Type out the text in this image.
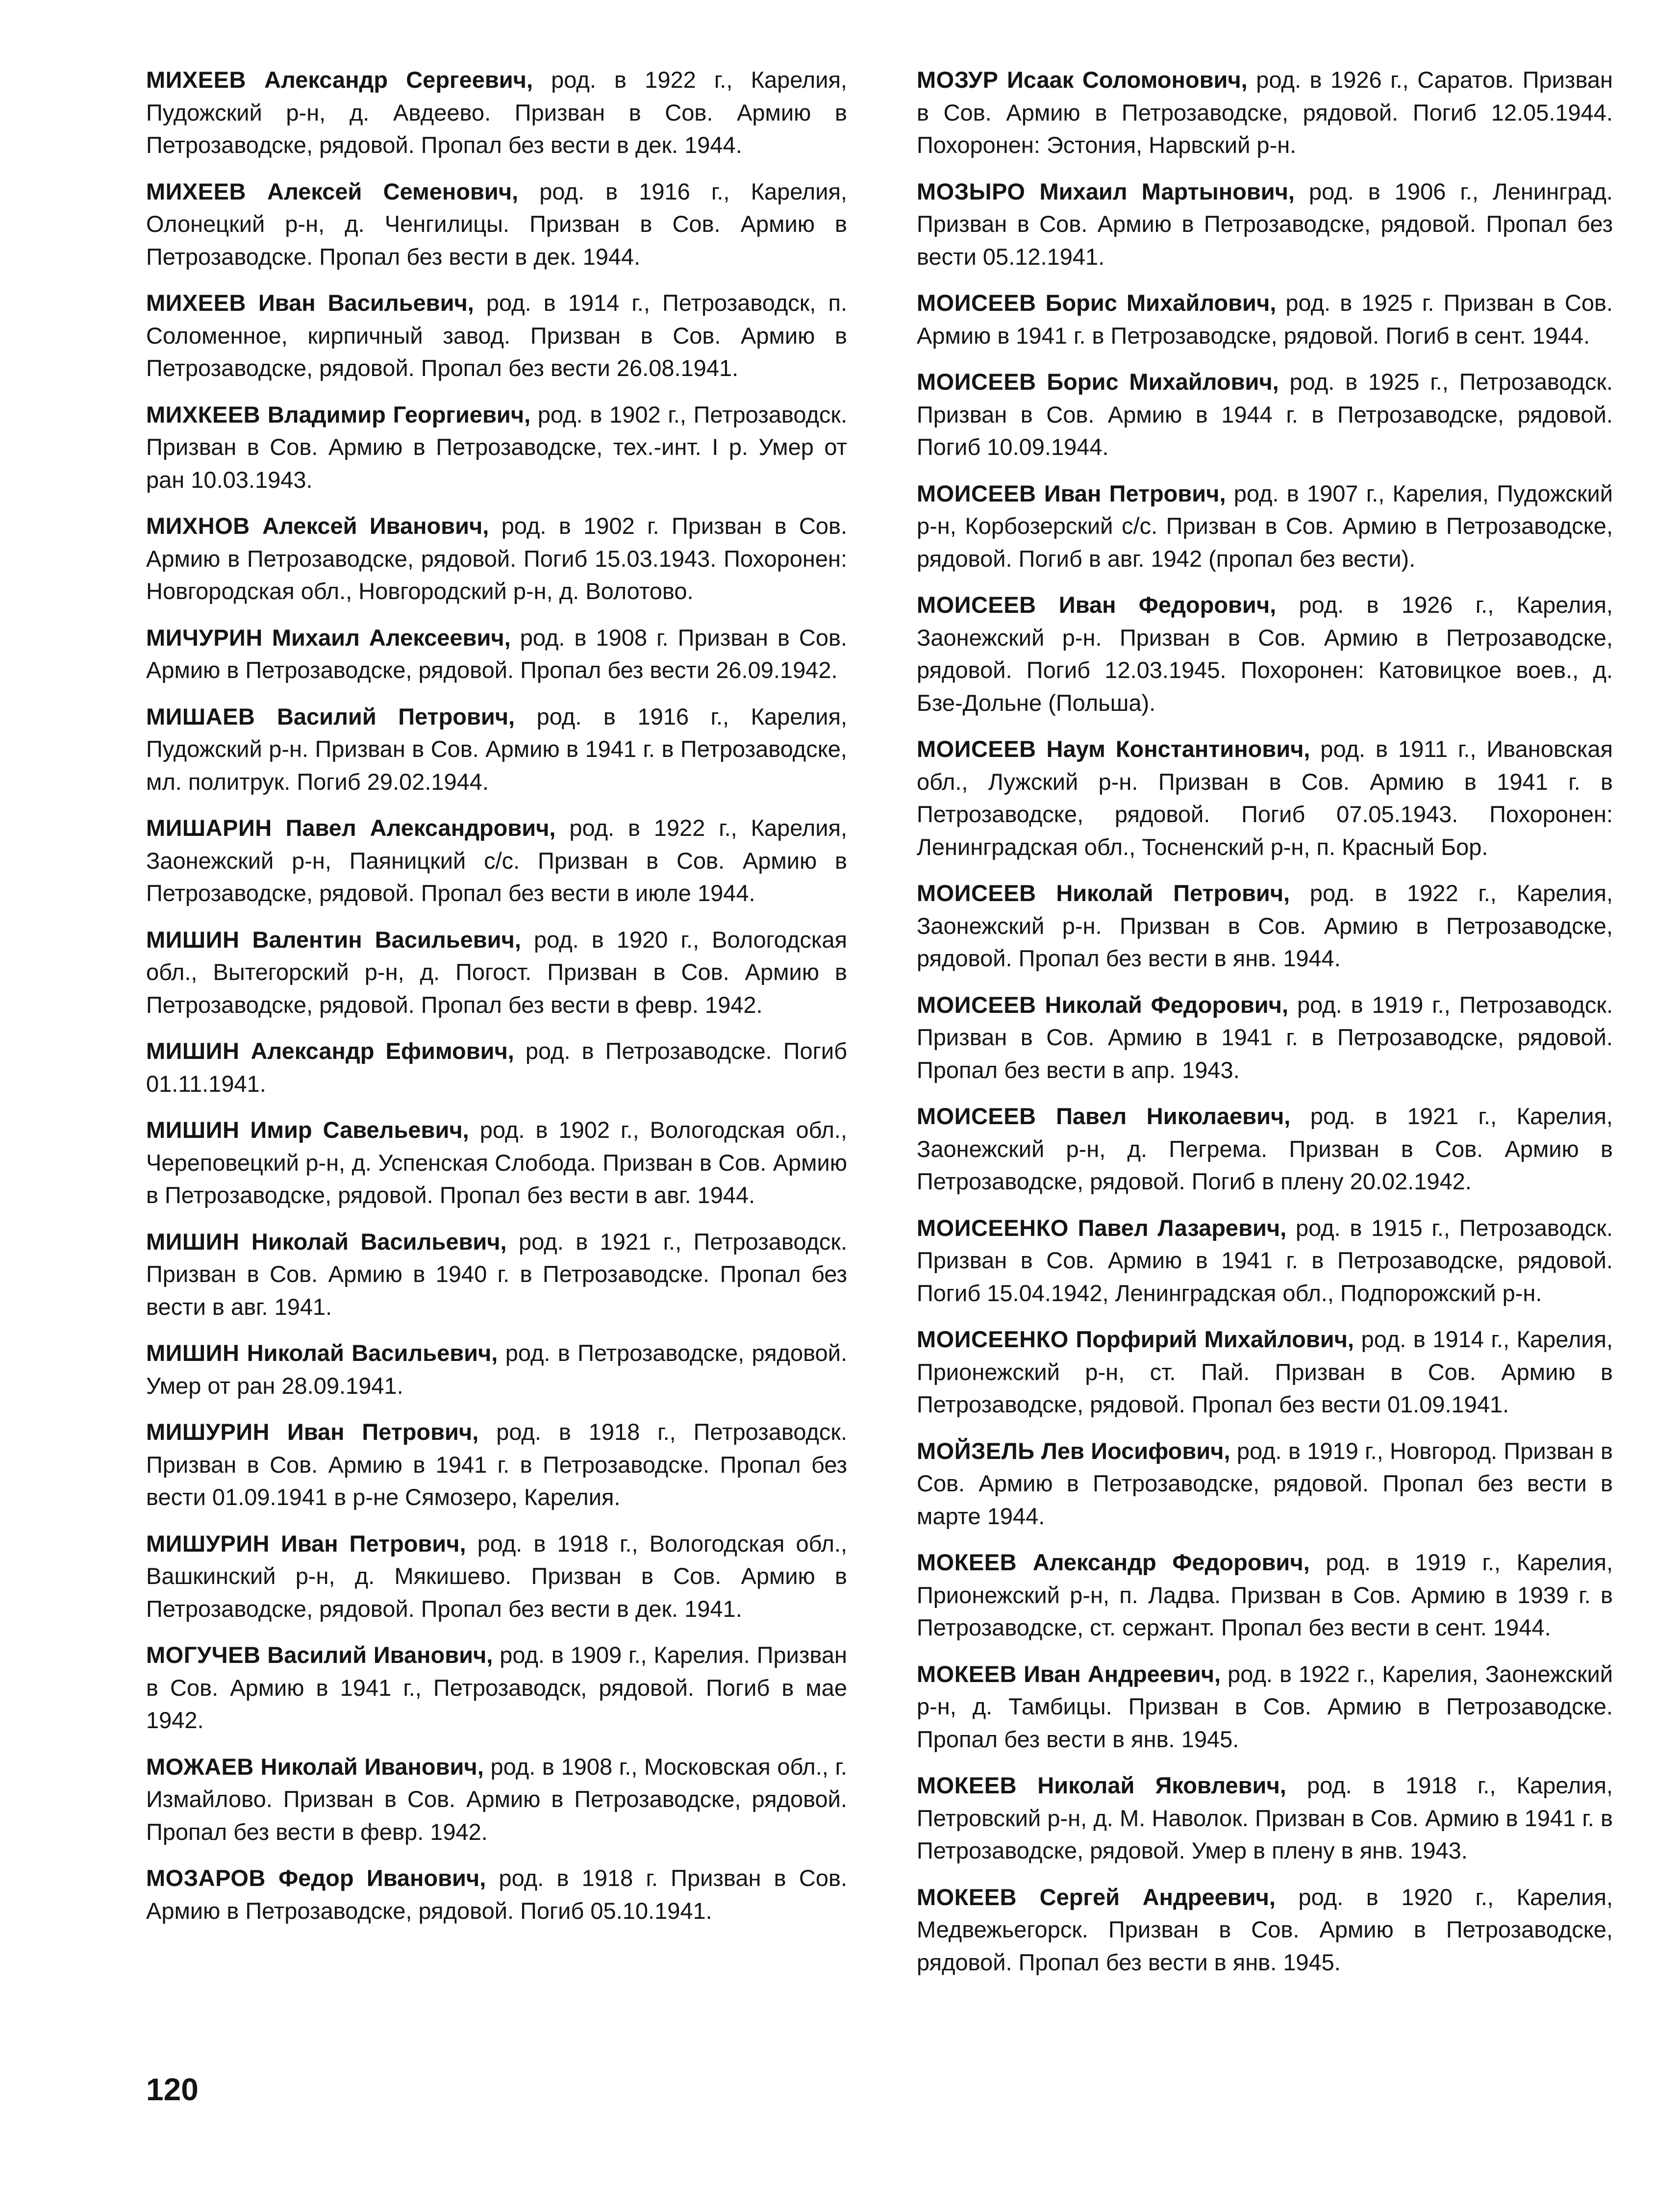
МИХЕЕВ Александр Сергеевич, род. в 1922 г., Карелия, Пудожский р-н, д. Авдеево. Призван в Сов. Армию в Петрозаводске, рядовой. Пропал без вести в дек. 1944.

МИХЕЕВ Алексей Семенович, род. в 1916 г., Карелия, Олонецкий р-н, д. Ченгилицы. Призван в Сов. Армию в Петрозаводске. Пропал без вести в дек. 1944.

МИХЕЕВ Иван Васильевич, род. в 1914 г., Петрозаводск, п. Соломенное, кирпичный завод. Призван в Сов. Армию в Петрозаводске, рядовой. Пропал без вести 26.08.1941.

МИХКЕЕВ Владимир Георгиевич, род. в 1902 г., Петрозаводск. Призван в Сов. Армию в Петрозаводске, тех.-инт. I р. Умер от ран 10.03.1943.

МИХНОВ Алексей Иванович, род. в 1902 г. Призван в Сов. Армию в Петрозаводске, рядовой. Погиб 15.03.1943. Похоронен: Новгородская обл., Новгородский р-н, д. Волотово.

МИЧУРИН Михаил Алексеевич, род. в 1908 г. Призван в Сов. Армию в Петрозаводске, рядовой. Пропал без вести 26.09.1942.

МИШАЕВ Василий Петрович, род. в 1916 г., Карелия, Пудожский р-н. Призван в Сов. Армию в 1941 г. в Петрозаводске, мл. политрук. Погиб 29.02.1944.

МИШАРИН Павел Александрович, род. в 1922 г., Карелия, Заонежский р-н, Паяницкий с/с. Призван в Сов. Армию в Петрозаводске, рядовой. Пропал без вести в июле 1944.

МИШИН Валентин Васильевич, род. в 1920 г., Вологодская обл., Вытегорский р-н, д. Погост. Призван в Сов. Армию в Петрозаводске, рядовой. Пропал без вести в февр. 1942.

МИШИН Александр Ефимович, род. в Петрозаводске. Погиб 01.11.1941.

МИШИН Имир Савельевич, род. в 1902 г., Вологодская обл., Череповецкий р-н, д. Успенская Слобода. Призван в Сов. Армию в Петрозаводске, рядовой. Пропал без вести в авг. 1944.

МИШИН Николай Васильевич, род. в 1921 г., Петрозаводск. Призван в Сов. Армию в 1940 г. в Петрозаводске. Пропал без вести в авг. 1941.

МИШИН Николай Васильевич, род. в Петрозаводске, рядовой. Умер от ран 28.09.1941.

МИШУРИН Иван Петрович, род. в 1918 г., Петрозаводск. Призван в Сов. Армию в 1941 г. в Петрозаводске. Пропал без вести 01.09.1941 в р-не Сямозеро, Карелия.

МИШУРИН Иван Петрович, род. в 1918 г., Вологодская обл., Вашкинский р-н, д. Мякишево. Призван в Сов. Армию в Петрозаводске, рядовой. Пропал без вести в дек. 1941.

МОГУЧЕВ Василий Иванович, род. в 1909 г., Карелия. Призван в Сов. Армию в 1941 г., Петрозаводск, рядовой. Погиб в мае 1942.

МОЖАЕВ Николай Иванович, род. в 1908 г., Московская обл., г. Измайлово. Призван в Сов. Армию в Петрозаводске, рядовой. Пропал без вести в февр. 1942.

МОЗАРОВ Федор Иванович, род. в 1918 г. Призван в Сов. Армию в Петрозаводске, рядовой. Погиб 05.10.1941.

МОЗУР Исаак Соломонович, род. в 1926 г., Саратов. Призван в Сов. Армию в Петрозаводске, рядовой. Погиб 12.05.1944. Похоронен: Эстония, Нарвский р-н.

МОЗЫРО Михаил Мартынович, род. в 1906 г., Ленинград. Призван в Сов. Армию в Петрозаводске, рядовой. Пропал без вести 05.12.1941.

МОИСЕЕВ Борис Михайлович, род. в 1925 г. Призван в Сов. Армию в 1941 г. в Петрозаводске, рядовой. Погиб в сент. 1944.

МОИСЕЕВ Борис Михайлович, род. в 1925 г., Петрозаводск. Призван в Сов. Армию в 1944 г. в Петрозаводске, рядовой. Погиб 10.09.1944.

МОИСЕЕВ Иван Петрович, род. в 1907 г., Карелия, Пудожский р-н, Корбозерский с/с. Призван в Сов. Армию в Петрозаводске, рядовой. Погиб в авг. 1942 (пропал без вести).

МОИСЕЕВ Иван Федорович, род. в 1926 г., Карелия, Заонежский р-н. Призван в Сов. Армию в Петрозаводске, рядовой. Погиб 12.03.1945. Похоронен: Катовицкое воев., д. Бзе-Дольне (Польша).

МОИСЕЕВ Наум Константинович, род. в 1911 г., Ивановская обл., Лужский р-н. Призван в Сов. Армию в 1941 г. в Петрозаводске, рядовой. Погиб 07.05.1943. Похоронен: Ленинградская обл., Тосненский р-н, п. Красный Бор.

МОИСЕЕВ Николай Петрович, род. в 1922 г., Карелия, Заонежский р-н. Призван в Сов. Армию в Петрозаводске, рядовой. Пропал без вести в янв. 1944.

МОИСЕЕВ Николай Федорович, род. в 1919 г., Петрозаводск. Призван в Сов. Армию в 1941 г. в Петрозаводске, рядовой. Пропал без вести в апр. 1943.

МОИСЕЕВ Павел Николаевич, род. в 1921 г., Карелия, Заонежский р-н, д. Пегрема. Призван в Сов. Армию в Петрозаводске, рядовой. Погиб в плену 20.02.1942.

МОИСЕЕНКО Павел Лазаревич, род. в 1915 г., Петрозаводск. Призван в Сов. Армию в 1941 г. в Петрозаводске, рядовой. Погиб 15.04.1942, Ленинградская обл., Подпорожский р-н.

МОИСЕЕНКО Порфирий Михайлович, род. в 1914 г., Карелия, Прионежский р-н, ст. Пай. Призван в Сов. Армию в Петрозаводске, рядовой. Пропал без вести 01.09.1941.

МОЙЗЕЛЬ Лев Иосифович, род. в 1919 г., Новгород. Призван в Сов. Армию в Петрозаводске, рядовой. Пропал без вести в марте 1944.

МОКЕЕВ Александр Федорович, род. в 1919 г., Карелия, Прионежский р-н, п. Ладва. Призван в Сов. Армию в 1939 г. в Петрозаводске, ст. сержант. Пропал без вести в сент. 1944.

МОКЕЕВ Иван Андреевич, род. в 1922 г., Карелия, Заонежский р-н, д. Тамбицы. Призван в Сов. Армию в Петрозаводске. Пропал без вести в янв. 1945.

МОКЕЕВ Николай Яковлевич, род. в 1918 г., Карелия, Петровский р-н, д. М. Наволок. Призван в Сов. Армию в 1941 г. в Петрозаводске, рядовой. Умер в плену в янв. 1943.

МОКЕЕВ Сергей Андреевич, род. в 1920 г., Карелия, Медвежьегорск. Призван в Сов. Армию в Петрозаводске, рядовой. Пропал без вести в янв. 1945.

120
